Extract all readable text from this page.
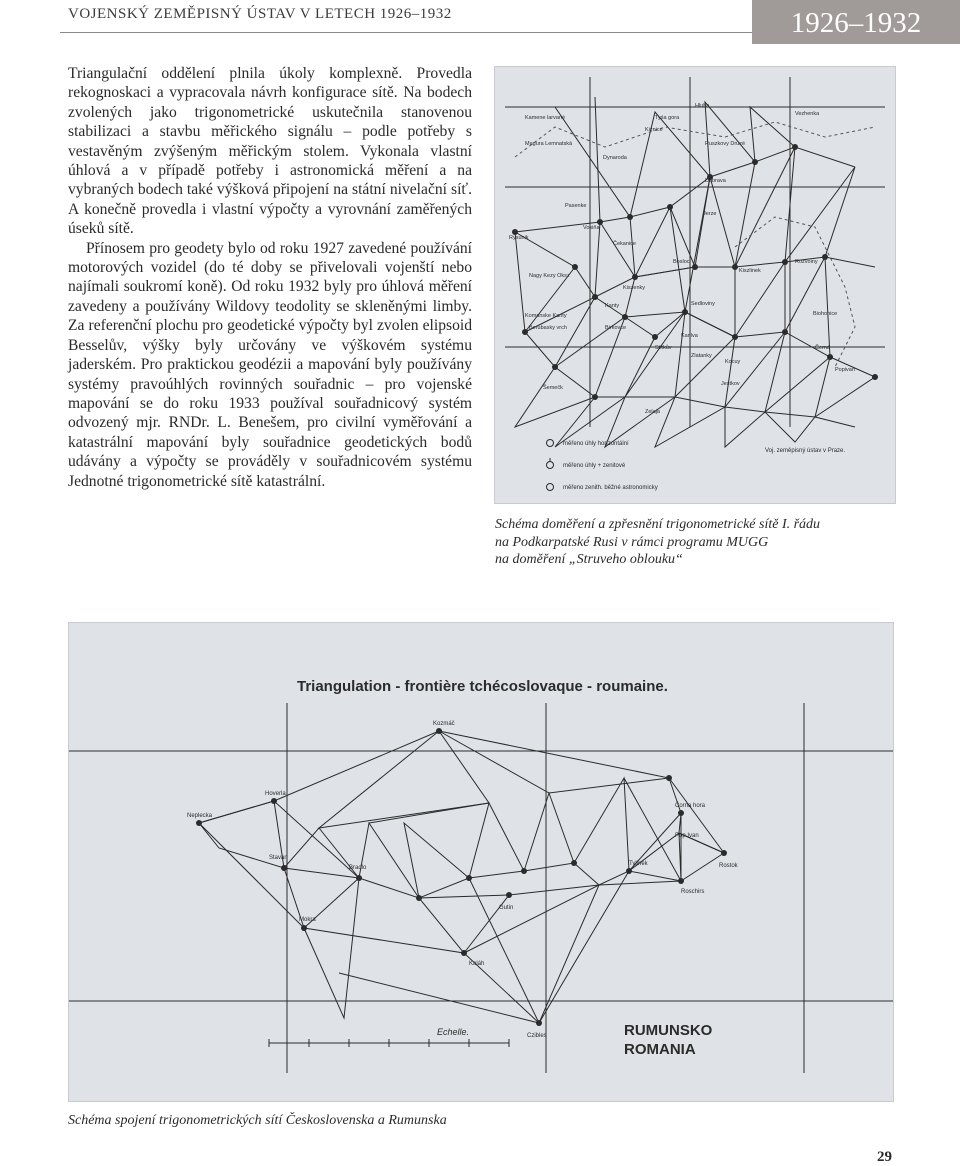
VOJENSKÝ ZEMĚPISNÝ ÚSTAV V LETECH 1926–1932	1926–1932

Triangulační oddělení plnila úkoly komplexně. Provedla rekognoskaci a vypracovala návrh konfigurace sítě. Na bodech zvolených jako trigonometrické uskutečnila stanovenou stabilizaci a stavbu měřického signálu – podle potřeby s vestavěným zvýšeným měřickým stolem. Vykonala vlastní úhlová a v případě potřeby i astronomická měření a na vybraných bodech také výšková připojení na státní nivelační síť. A konečně provedla i vlastní výpočty a vyrovnání zaměřených úseků sítě.

Přínosem pro geodety bylo od roku 1927 zavedené používání motorových vozidel (do té doby se přivelovali vojenští nebo najímali soukromí koně). Od roku 1932 byly pro úhlová měření zavedeny a používány Wildovy teodolity se skleněnými limby. Za referenční plochu pro geodetické výpočty byl zvolen elipsoid Besselův, výšky byly určovány ve výškovém systému jaderském. Pro praktickou geodézii a mapování byly používány systémy pravoúhlých rovinných souřadnic – pro vojenské mapování se do roku 1933 používal souřadnicový systém odvozený mjr. RNDr. L. Benešem, pro civilní vyměřování a katastrální mapování byly souřadnice geodetických bodů udávány a výpočty se prováděly v souřadnicovém systému Jednotné trigonometrické sítě katastrální.

Kamene larvané	Tyśa gora
Hluha
Vezhenka
Magura Lemnatská
Kiźnice
Ruszkovy Druzé
Dynaroda
Dubrava
Pasenke
Rysunik
Vosiňa
Čekanice
Jerze
Rozvoiny
Bosloc
Kiszlinek
Kiszenky
Nagy Kezy Oksz
Kanty
Komanske Kanty
Berubasky vrch
Sedloviny
Birkovce
Stitkův
Kanlva
Zlatanky
Kocuy
Biohonice
Černá
Popivan
Jestkov
Šemečk
Zelaja
měřeno úhly horizontální
měřeno úhly + zenitové
měřeno zenith. běžné astronomicky
Voj. zeměpisný ústav v Praze.
Schéma doměření a zpřesnění trigonometrické sítě I. řádu
na Podkarpatské Rusi v rámci programu MUGG
na doměření „Struveho oblouku“
Triangulation - frontière tchécoslovaque - roumaine.
Kozmáč
Hoverla
Neplecka
Stavan
Bradlo
Čorna hora
Pop Ivan
Tylinek
Mokra
Roschirs
Kaláh
Czibles
Gutin
Rostok
RUMUNSKO
ROMANIA
Echelle.
Schéma spojení trigonometrických sítí Československa a Rumunska
29
